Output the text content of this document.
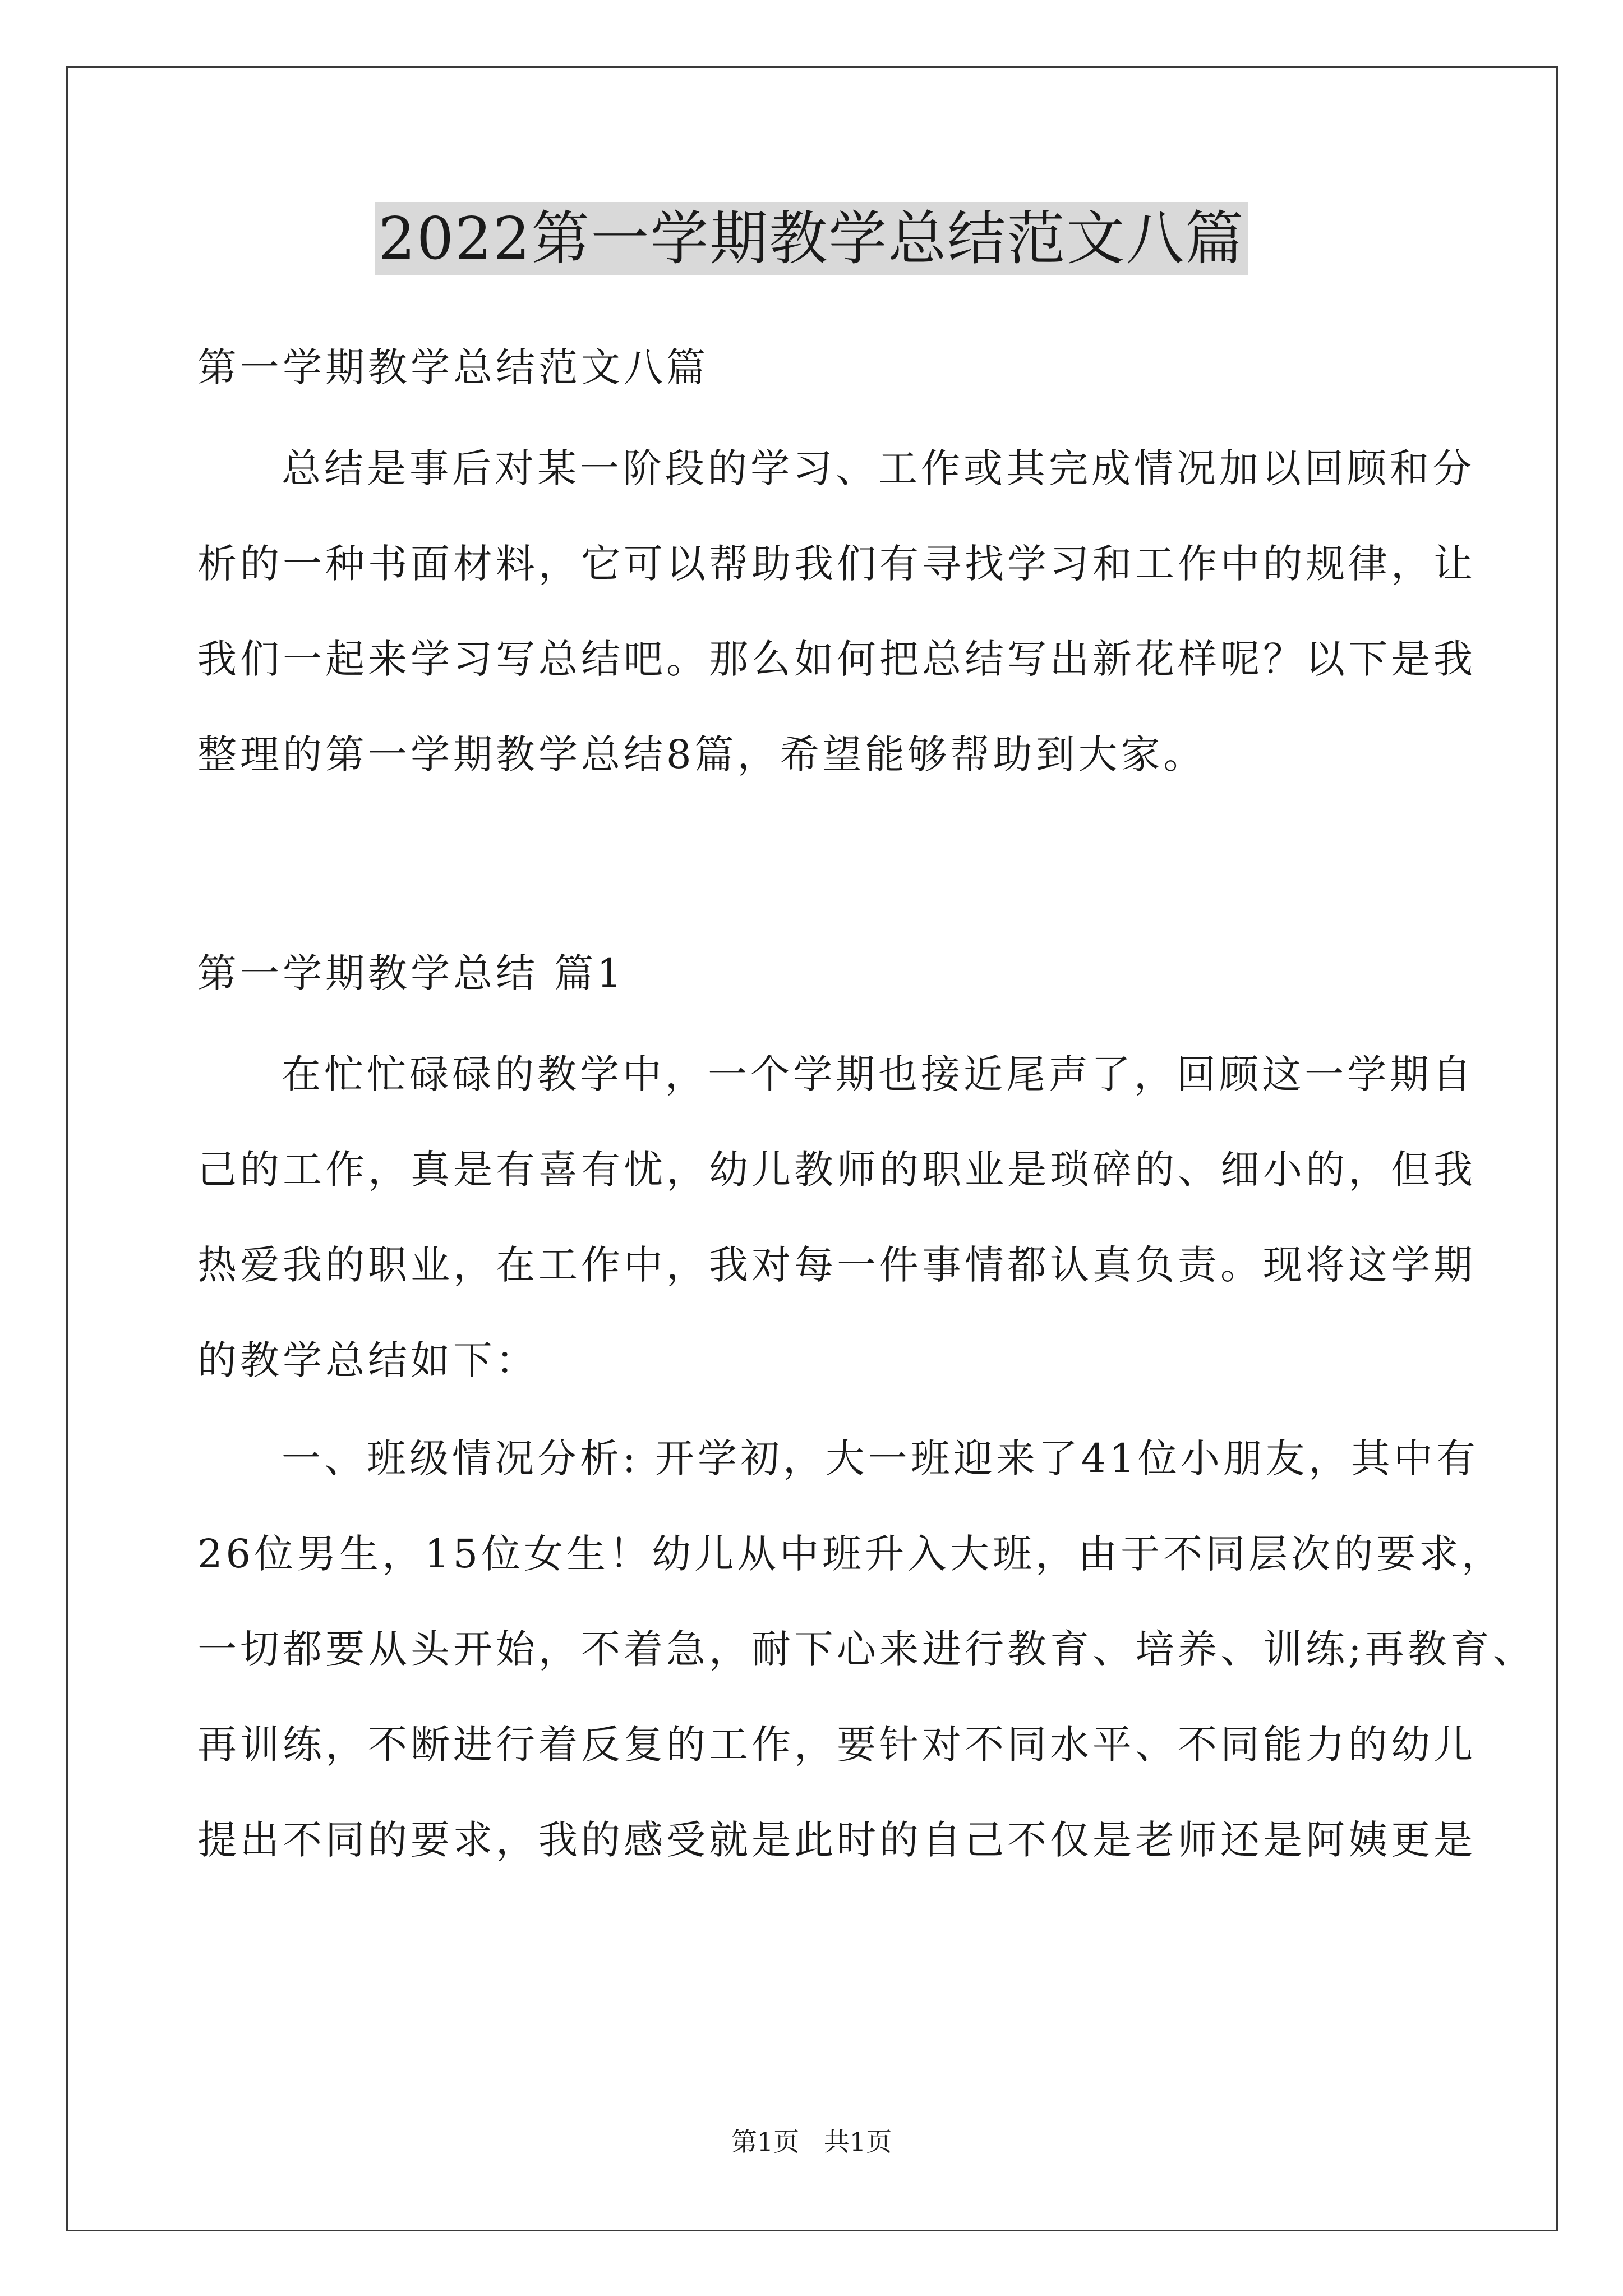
2022第一学期教学总结范文八篇
第一学期教学总结范文八篇
总结是事后对某一阶段的学习、工作或其完成情况加以回顾和分
析的一种书面材料，它可以帮助我们有寻找学习和工作中的规律，让
我们一起来学习写总结吧。那么如何把总结写出新花样呢？以下是我
整理的第一学期教学总结8篇，希望能够帮助到大家。
第一学期教学总结 篇1
在忙忙碌碌的教学中，一个学期也接近尾声了，回顾这一学期自
己的工作，真是有喜有忧，幼儿教师的职业是琐碎的、细小的，但我
热爱我的职业，在工作中，我对每一件事情都认真负责。现将这学期
的教学总结如下：
一、班级情况分析: 开学初，大一班迎来了41位小朋友，其中有
26位男生，15位女生！幼儿从中班升入大班，由于不同层次的要求，
一切都要从头开始，不着急，耐下心来进行教育、培养、训练;再教育、
再训练，不断进行着反复的工作，要针对不同水平、不同能力的幼儿
提出不同的要求，我的感受就是此时的自己不仅是老师还是阿姨更是
第1页   共1页
